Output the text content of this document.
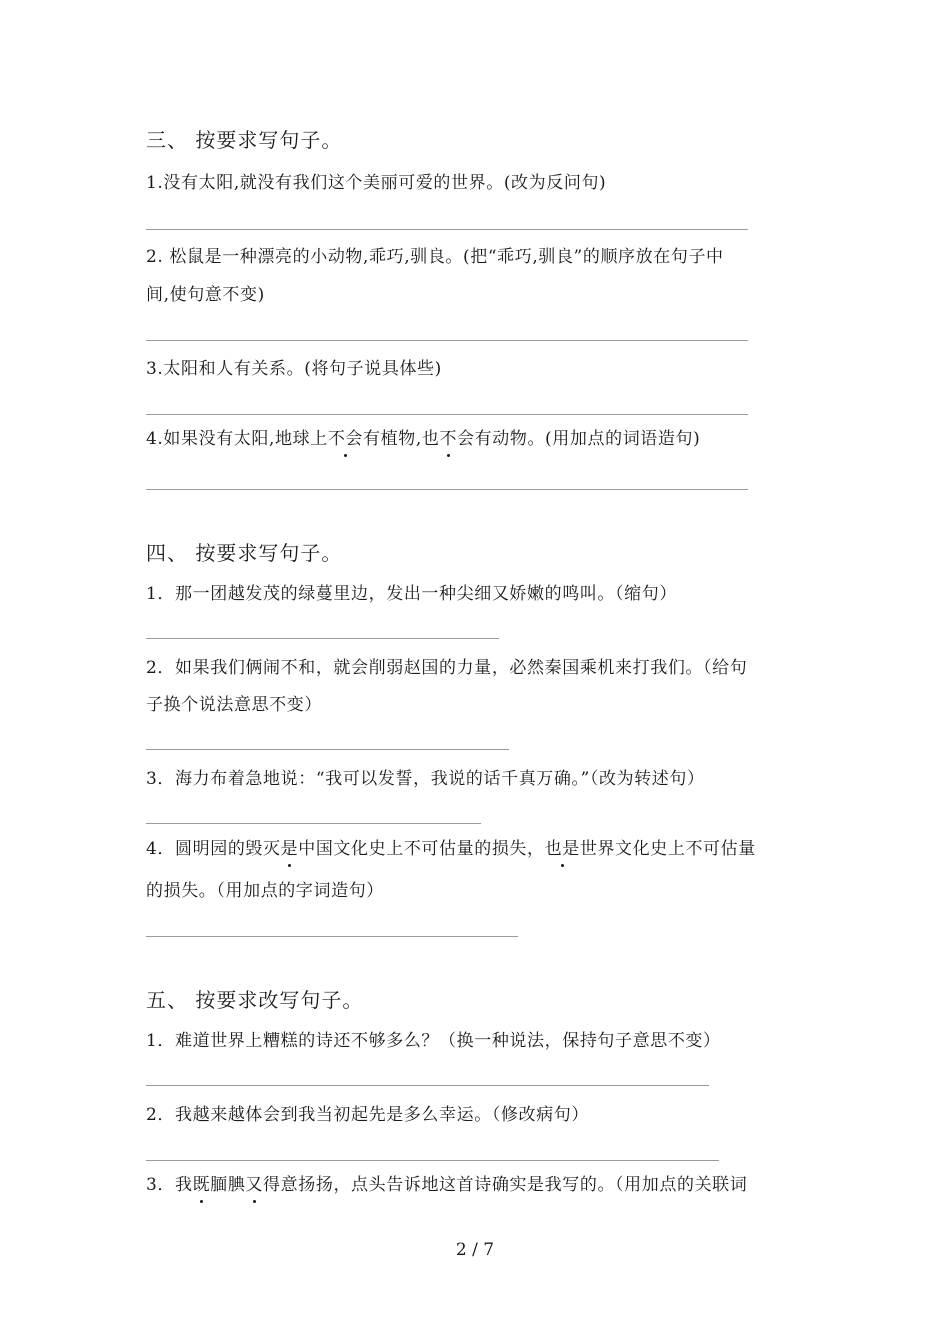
三、 按要求写句子。
1.没有太阳,就没有我们这个美丽可爱的世界。(改为反问句)
2. 松鼠是一种漂亮的小动物,乖巧,驯良。(把“乖巧,驯良”的顺序放在句子中
间,使句意不变)
3.太阳和人有关系。(将句子说具体些)
4.如果没有太阳,地球上不会有植物,也不会有动物。(用加点的词语造句)
四、 按要求写句子。
1．那一团越发茂的绿蔓里边，发出一种尖细又娇嫩的鸣叫。（缩句）
2．如果我们俩闹不和，就会削弱赵国的力量，必然秦国乘机来打我们。（给句
子换个说法意思不变）
3．海力布着急地说：“我可以发誓，我说的话千真万确。”（改为转述句）
4．圆明园的毁灭是中国文化史上不可估量的损失，也是世界文化史上不可估量
的损失。（用加点的字词造句）
五、 按要求改写句子。
1．难道世界上糟糕的诗还不够多么？（换一种说法，保持句子意思不变）
2．我越来越体会到我当初起先是多么幸运。（修改病句）
3．我既腼腆又得意扬扬，点头告诉地这首诗确实是我写的。（用加点的关联词
2 / 7
